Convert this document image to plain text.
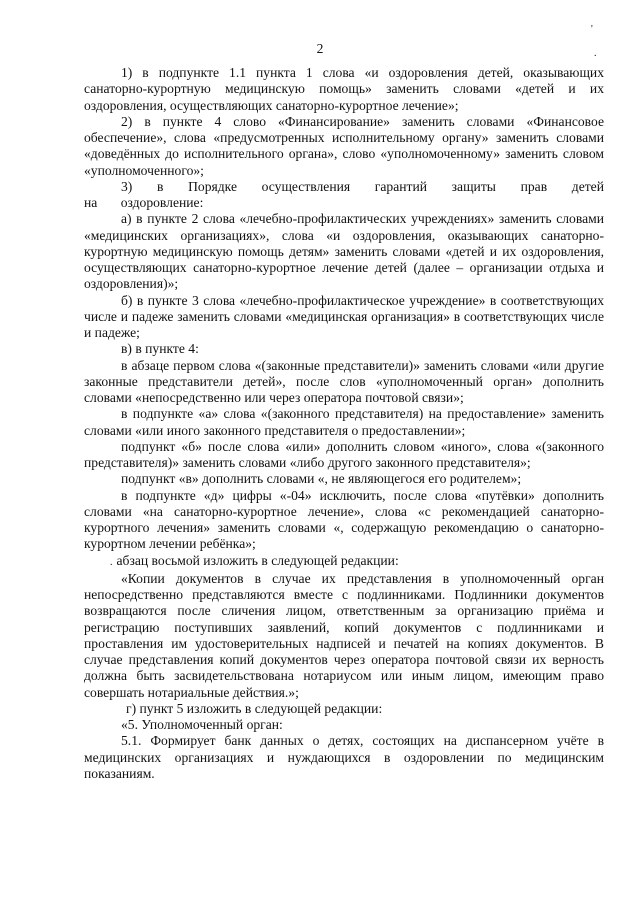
'
.
2

1) в подпункте 1.1 пункта 1 слова «и оздоровления детей, оказывающих санаторно-курортную медицинскую помощь» заменить словами «детей и их оздоровления, осуществляющих санаторно-курортное лечение»;

2) в пункте 4 слово «Финансирование» заменить словами «Финансовое обеспечение», слова «предусмотренных исполнительному органу» заменить словами «доведённых до исполнительного органа», слово «уполномоченному» заменить словом «уполномоченного»;

3) в Порядке осуществления гарантий защиты прав детей на оздоровление:

а) в пункте 2 слова «лечебно-профилактических учреждениях» заменить словами «медицинских организациях», слова «и оздоровления, оказывающих санаторно-курортную медицинскую помощь детям» заменить словами «детей и их оздоровления, осуществляющих санаторно-курортное лечение детей (далее – организации отдыха и оздоровления)»;

б) в пункте 3 слова «лечебно-профилактическое учреждение» в соответствующих числе и падеже заменить словами «медицинская организация» в соответствующих числе и падеже;

в) в пункте 4:

в абзаце первом слова «(законные представители)» заменить словами «или другие законные представители детей», после слов «уполномоченный орган» дополнить словами «непосредственно или через оператора почтовой связи»;

в подпункте «а» слова «(законного представителя) на предоставление» заменить словами «или иного законного представителя о предоставлении»;

подпункт «б» после слова «или» дополнить словом «иного», слова «(законного представителя)» заменить словами «либо другого законного представителя»;

подпункт «в» дополнить словами «, не являющегося его родителем»;

в подпункте «д» цифры «-04» исключить, после слова «путёвки» дополнить словами «на санаторно-курортное лечение», слова «с рекомендацией санаторно-курортного лечения» заменить словами «, содержащую рекомендацию о санаторно-курортном лечении ребёнка»;

. абзац восьмой изложить в следующей редакции:

«Копии документов в случае их представления в уполномоченный орган непосредственно представляются вместе с подлинниками. Подлинники документов возвращаются после сличения лицом, ответственным за организацию приёма и регистрацию поступивших заявлений, копий документов с подлинниками и проставления им удостоверительных надписей и печатей на копиях документов. В случае представления копий документов через оператора почтовой связи их верность должна быть засвидетельствована нотариусом или иным лицом, имеющим право совершать нотариальные действия.»;

г) пункт 5 изложить в следующей редакции:

«5. Уполномоченный орган:

5.1. Формирует банк данных о детях, состоящих на диспансерном учёте в медицинских организациях и нуждающихся в оздоровлении по медицинским показаниям.
